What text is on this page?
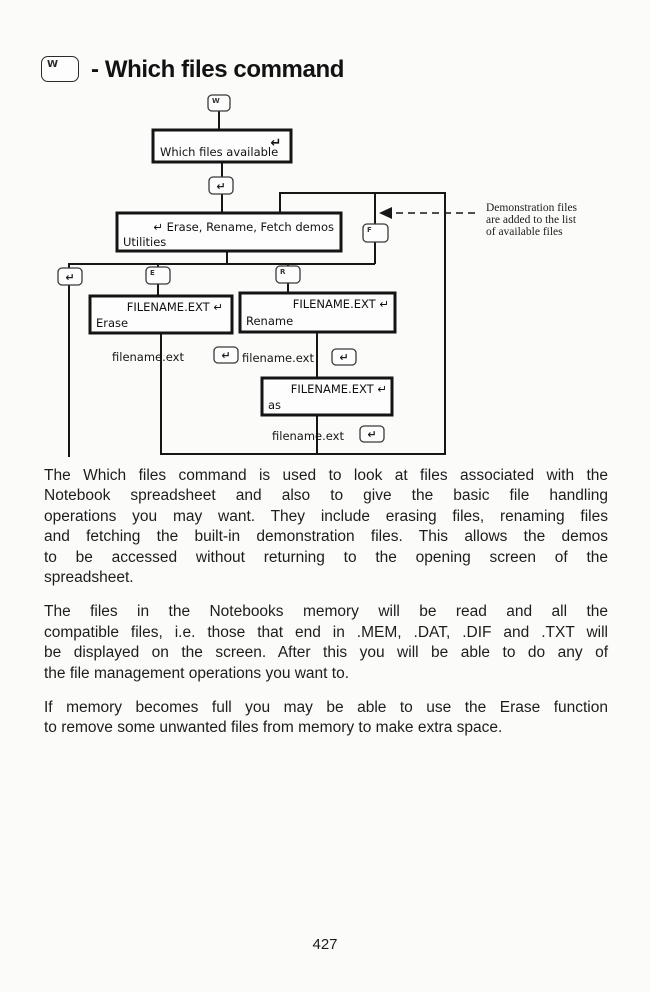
W	- Which files command
↵
Which files available
↵ Erase, Rename, Fetch demos
Utilities
FILENAME.EXT ↵
Erase
FILENAME.EXT ↵
Rename
FILENAME.EXT ↵
as
W
↵
F
↵	E	R
filename.ext	↵ filename.ext ↵
filename.ext ↵
Demonstration files
are added to the list
of available files

The Which files command is used to look at files associated with the
Notebook spreadsheet and also to give the basic file handling
operations you may want. They include erasing files, renaming files
and fetching the built-in demonstration files. This allows the demos
to be accessed without returning to the opening screen of the
spreadsheet.

The files in the Notebooks memory will be read and all the
compatible files, i.e. those that end in .MEM, .DAT, .DIF and .TXT will
be displayed on the screen. After this you will be able to do any of
the file management operations you want to.

If memory becomes full you may be able to use the Erase function
to remove some unwanted files from memory to make extra space.

427
